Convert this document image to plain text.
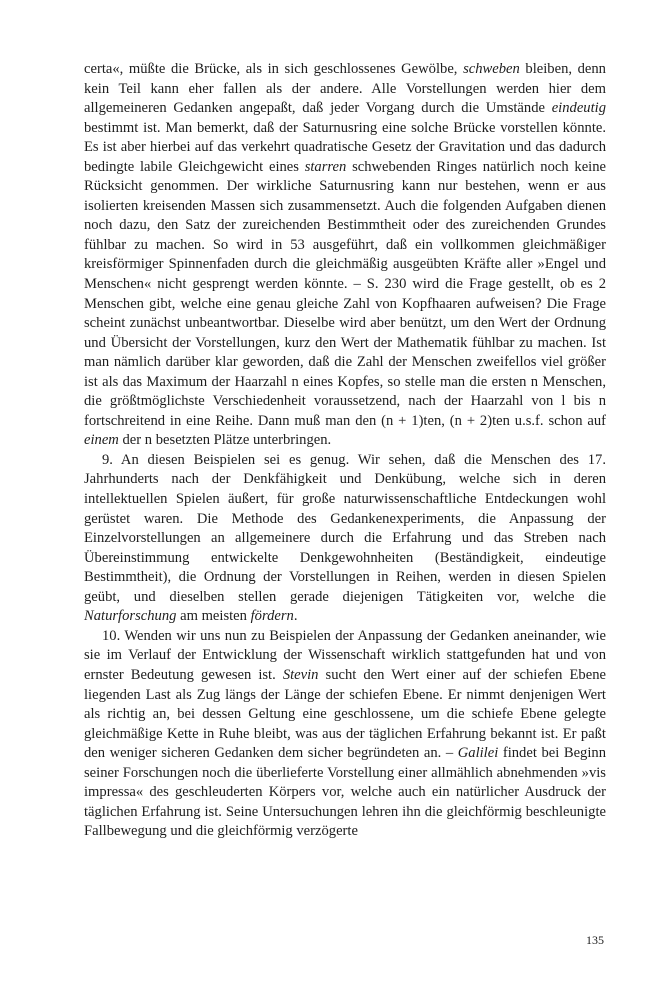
certa«, müßte die Brücke, als in sich geschlossenes Gewölbe, schweben bleiben, denn kein Teil kann eher fallen als der andere. Alle Vorstellungen werden hier dem allgemeineren Gedanken angepaßt, daß jeder Vorgang durch die Umstände eindeutig bestimmt ist. Man bemerkt, daß der Saturnusring eine solche Brücke vorstellen könnte. Es ist aber hierbei auf das verkehrt quadratische Gesetz der Gravitation und das dadurch bedingte labile Gleichgewicht eines starren schwebenden Ringes natürlich noch keine Rücksicht genommen. Der wirkliche Saturnusring kann nur bestehen, wenn er aus isolierten kreisenden Massen sich zusammensetzt. Auch die folgenden Aufgaben dienen noch dazu, den Satz der zureichenden Bestimmtheit oder des zureichenden Grundes fühlbar zu machen. So wird in 53 ausgeführt, daß ein vollkommen gleichmäßiger kreisförmiger Spinnenfaden durch die gleichmäßig ausgeübten Kräfte aller »Engel und Menschen« nicht gesprengt werden könnte. – S. 230 wird die Frage gestellt, ob es 2 Menschen gibt, welche eine genau gleiche Zahl von Kopfhaaren aufweisen? Die Frage scheint zunächst unbeantwortbar. Dieselbe wird aber benützt, um den Wert der Ordnung und Übersicht der Vorstellungen, kurz den Wert der Mathematik fühlbar zu machen. Ist man nämlich darüber klar geworden, daß die Zahl der Menschen zweifellos viel größer ist als das Maximum der Haarzahl n eines Kopfes, so stelle man die ersten n Menschen, die größtmöglichste Verschiedenheit voraussetzend, nach der Haarzahl von l bis n fortschreitend in eine Reihe. Dann muß man den (n + 1)ten, (n + 2)ten u.s.f. schon auf einem der n besetzten Plätze unterbringen.

9. An diesen Beispielen sei es genug. Wir sehen, daß die Menschen des 17. Jahrhunderts nach der Denkfähigkeit und Denkübung, welche sich in deren intellektuellen Spielen äußert, für große naturwissenschaftliche Entdeckungen wohl gerüstet waren. Die Methode des Gedankenexperiments, die Anpassung der Einzelvorstellungen an allgemeinere durch die Erfahrung und das Streben nach Übereinstimmung entwickelte Denkgewohnheiten (Beständigkeit, eindeutige Bestimmtheit), die Ordnung der Vorstellungen in Reihen, werden in diesen Spielen geübt, und dieselben stellen gerade diejenigen Tätigkeiten vor, welche die Naturforschung am meisten fördern.

10. Wenden wir uns nun zu Beispielen der Anpassung der Gedanken aneinander, wie sie im Verlauf der Entwicklung der Wissenschaft wirklich stattgefunden hat und von ernster Bedeutung gewesen ist. Stevin sucht den Wert einer auf der schiefen Ebene liegenden Last als Zug längs der Länge der schiefen Ebene. Er nimmt denjenigen Wert als richtig an, bei dessen Geltung eine geschlossene, um die schiefe Ebene gelegte gleichmäßige Kette in Ruhe bleibt, was aus der täglichen Erfahrung bekannt ist. Er paßt den weniger sicheren Gedanken dem sicher begründeten an. – Galilei findet bei Beginn seiner Forschungen noch die überlieferte Vorstellung einer allmählich abnehmenden »vis impressa« des geschleuderten Körpers vor, welche auch ein natürlicher Ausdruck der täglichen Erfahrung ist. Seine Untersuchungen lehren ihn die gleichförmig beschleunigte Fallbewegung und die gleichförmig verzögerte

135
